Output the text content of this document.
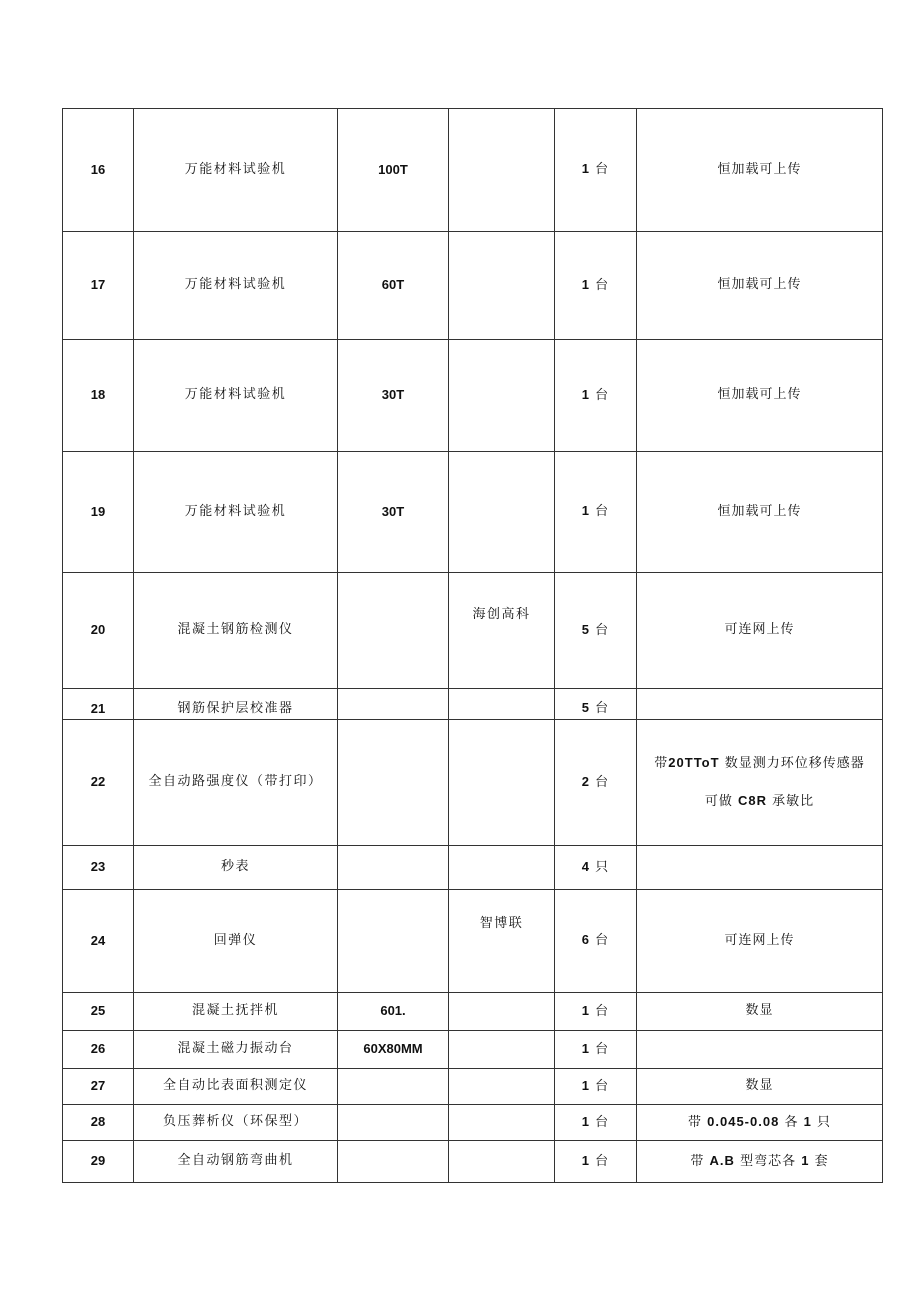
16	万能材料试验机	100T		1 台	恒加载可上传
17	万能材料试验机	60T		1 台	恒加载可上传
18	万能材料试验机	30T		1 台	恒加载可上传
19	万能材料试验机	30T		1 台	恒加载可上传
20	混凝土钢筋检测仪		海创高科	5 台	可连网上传
21	钢筋保护层校准器			5 台	
22	全自动路强度仪（带打印）			2 台	带20TToT 数显测力环位移传感器
可做 C8R 承敏比

23	秒表			4 只	
24	回弹仪		智博联	6 台	可连网上传
25	混凝土抚拌机	601.		1 台	数显
26	混凝土磁力振动台	60X80MM		1 台	
27	全自动比表面积测定仪			1 台	数显
28	负压葬析仪（环保型）			1 台	带 0.045-0.08 各 1 只
29	全自动钢筋弯曲机			1 台	带 A.B 型弯芯各 1 套
